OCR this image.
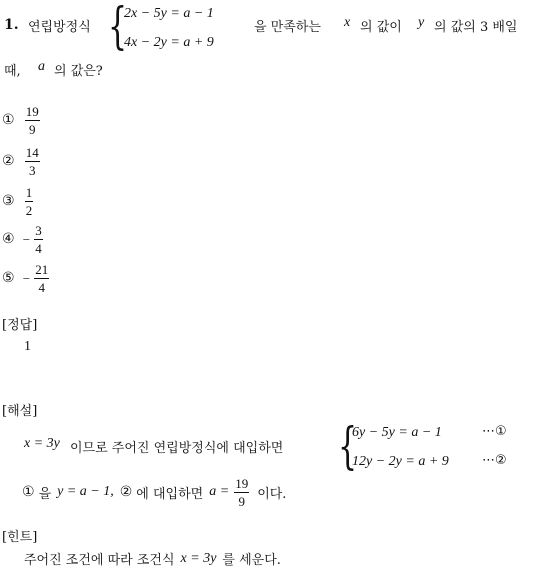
1. 연립방정식 {
2x − 5y = a − 1
4x − 2y = a + 9
을 만족하는 x 의 값이 y 의 값의 3 배일
때, a 의 값은?
① $\frac{19}{9}$
② $\frac{14}{3}$
③ $\frac{1}{2}$
④ − $\frac{3}{4}$
⑤ − $\frac{21}{4}$
[정답]
1
[해설]
x = 3y 이므로 주어진 연립방정식에 대입하면 {
6y − 5y = a − 1	⋯①
12y − 2y = a + 9	⋯②
① 을 y = a − 1, ② 에 대입하면 $a = \frac{19}{9}$ 이다.
[힌트]
주어진 조건에 따라 조건식 x = 3y 를 세운다.
